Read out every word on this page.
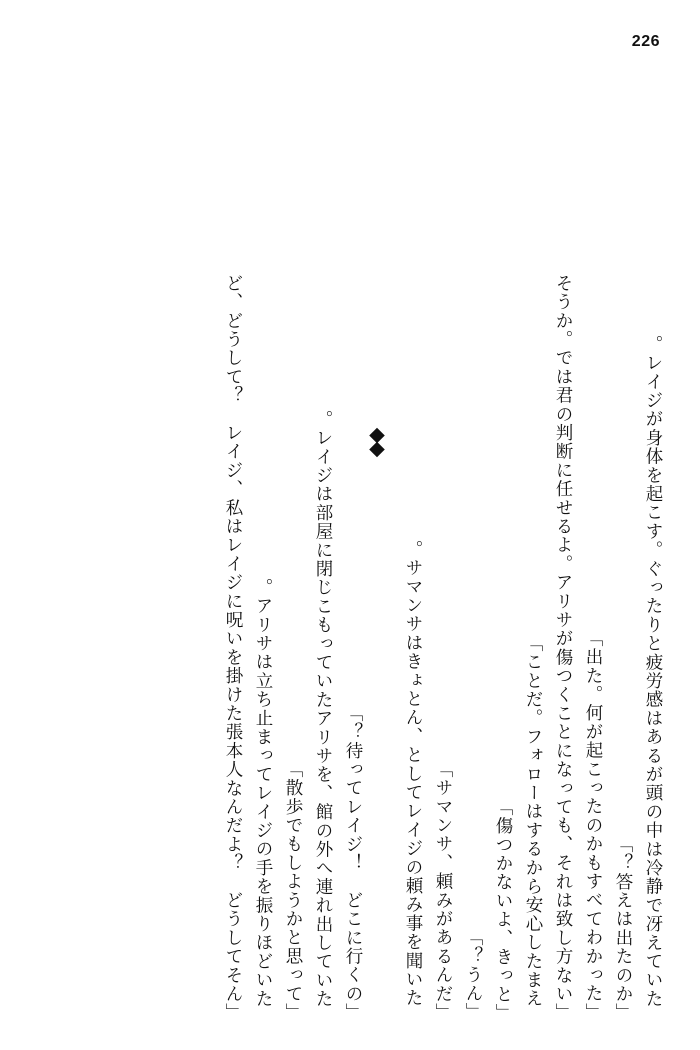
226
レイジが身体を起こす。ぐったりと疲労感はあるが頭の中は冷静で冴えていた。
「答えは出たのか？」
「出た。何が起こったのかもすべてわかった」
「そうか。では君の判断に任せるよ。アリサが傷つくことになっても、それは致し方ない
ことだ。フォローはするから安心したまえ」
「傷つかないよ、きっと」
「うん？」
「サマンサ、頼みがあるんだ」
サマンサはきょとん、としてレイジの頼み事を聞いた。
「待ってレイジ！　どこに行くの？」
レイジは部屋に閉じこもっていたアリサを、館の外へ連れ出していた。
「散歩でもしようかと思って」
アリサは立ち止まってレイジの手を振りほどいた。
「ど、どうして？　レイジ、私はレイジに呪いを掛けた張本人なんだよ？　どうしてそん
